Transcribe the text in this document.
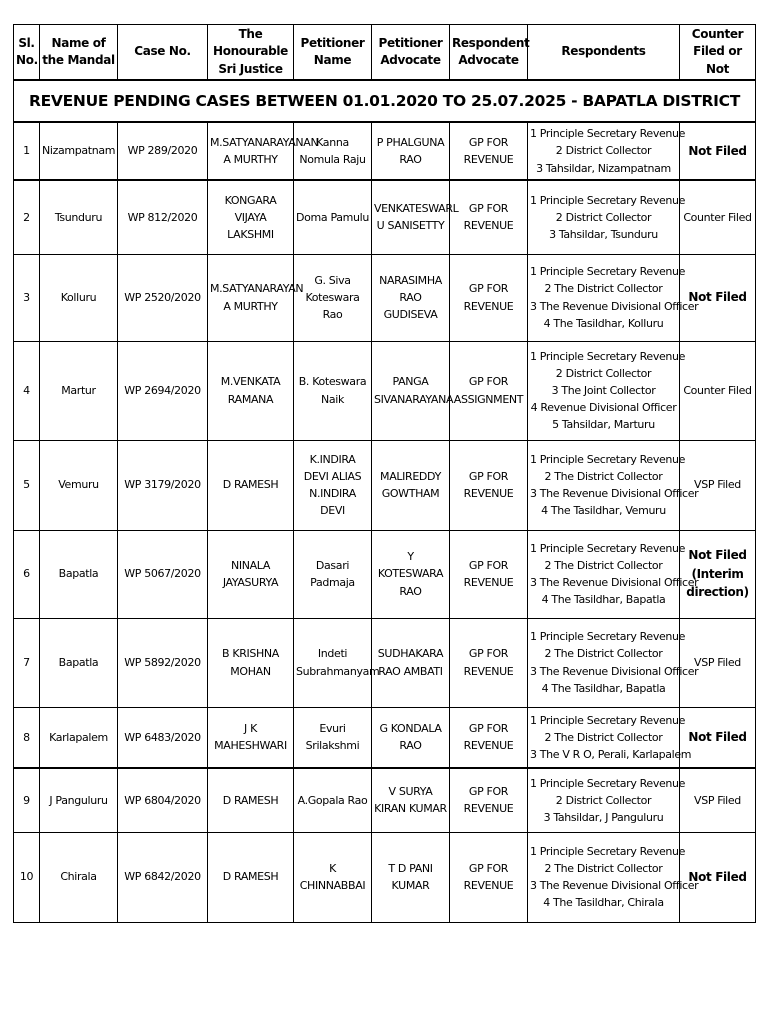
REVENUE PENDING CASES BETWEEN 01.01.2020 TO 25.07.2025 - BAPATLA DISTRICT								
Sl. No.	Name of the Mandal	Case No.	The Honourable Sri Justice	Petitioner Name	Petitioner Advocate	Respondent Advocate	Respondents	Counter Filed or Not
1	Nizampatnam	WP 289/2020	M.SATYANARAYANAN A MURTHY	Kanna Nomula Raju	P PHALGUNA RAO	GP FOR REVENUE	1 Principle Secretary Revenue
2 District Collector
3 Tahsildar, Nizampatnam	Not Filed
2	Tsunduru	WP 812/2020	KONGARA VIJAYA LAKSHMI	Doma Pamulu	VENKATESWARL U SANISETTY	GP FOR REVENUE	1 Principle Secretary Revenue
2 District Collector
3 Tahsildar, Tsunduru	Counter Filed
3	Kolluru	WP 2520/2020	M.SATYANARAYAN A MURTHY	G. Siva Koteswara Rao	NARASIMHA RAO GUDISEVA	GP FOR REVENUE	1 Principle Secretary Revenue
2 The District Collector
3 The Revenue Divisional Officer
4 The Tasildhar, Kolluru	Not Filed
4	Martur	WP 2694/2020	M.VENKATA RAMANA	B. Koteswara Naik	PANGA SIVANARAYANA	GP FOR ASSIGNMENT	1 Principle Secretary Revenue
2 District Collector
3 The Joint Collector
4 Revenue Divisional Officer
5 Tahsildar, Marturu	Counter Filed
5	Vemuru	WP 3179/2020	D RAMESH	K.INDIRA DEVI ALIAS N.INDIRA DEVI	MALIREDDY GOWTHAM	GP FOR REVENUE	1 Principle Secretary Revenue
2 The District Collector
3 The Revenue Divisional Officer
4 The Tasildhar, Vemuru	VSP Filed
6	Bapatla	WP 5067/2020	NINALA JAYASURYA	Dasari Padmaja	Y KOTESWARA RAO	GP FOR REVENUE	1 Principle Secretary Revenue
2 The District Collector
3 The Revenue Divisional Officer
4 The Tasildhar, Bapatla	Not Filed (Interim direction)
7	Bapatla	WP 5892/2020	B KRISHNA MOHAN	Indeti Subrahmanyam	SUDHAKARA RAO AMBATI	GP FOR REVENUE	1 Principle Secretary Revenue
2 The District Collector
3 The Revenue Divisional Officer
4 The Tasildhar, Bapatla	VSP Filed
8	Karlapalem	WP 6483/2020	J K MAHESHWARI	Evuri Srilakshmi	G KONDALA RAO	GP FOR REVENUE	1 Principle Secretary Revenue
2 The District Collector
3 The V R O, Perali, Karlapalem	Not Filed
9	J Panguluru	WP 6804/2020	D RAMESH	A.Gopala Rao	V SURYA KIRAN KUMAR	GP FOR REVENUE	1 Principle Secretary Revenue
2 District Collector
3 Tahsildar, J Panguluru	VSP Filed
10	Chirala	WP 6842/2020	D RAMESH	K CHINNABBAI	T D PANI KUMAR	GP FOR REVENUE	1 Principle Secretary Revenue
2 The District Collector
3 The Revenue Divisional Officer
4 The Tasildhar, Chirala	Not Filed
